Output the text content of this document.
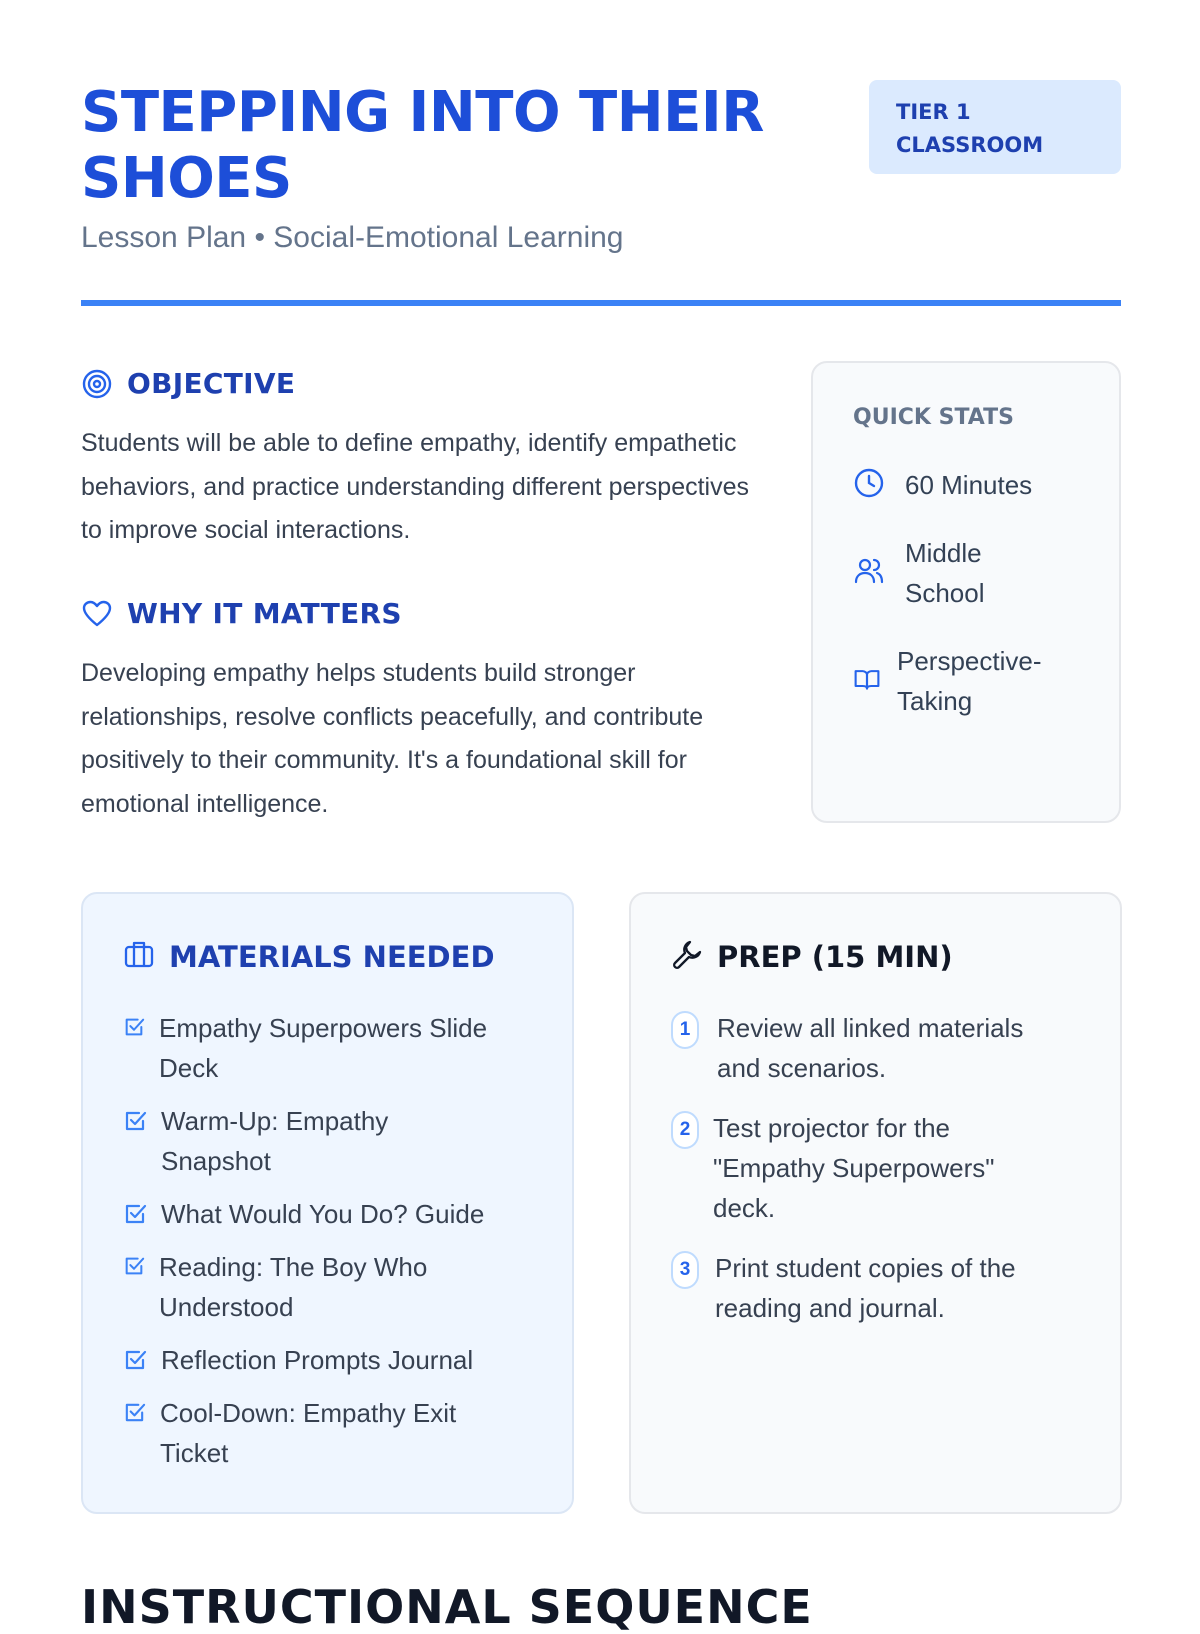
STEPPING INTO THEIR SHOES
Lesson Plan • Social-Emotional Learning
TIER 1
CLASSROOM
OBJECTIVE
Students will be able to define empathy, identify empathetic behaviors, and practice understanding different perspectives to improve social interactions.
WHY IT MATTERS
Developing empathy helps students build stronger relationships, resolve conflicts peacefully, and contribute positively to their community. It's a foundational skill for emotional intelligence.
QUICK STATS
60 Minutes
Middle School
Perspective-Taking
MATERIALS NEEDED
Empathy Superpowers Slide Deck
Warm-Up: Empathy Snapshot
What Would You Do? Guide
Reading: The Boy Who Understood
Reflection Prompts Journal
Cool-Down: Empathy Exit Ticket
PREP (15 MIN)
1	Review all linked materials and scenarios.
2 Test projector for the "Empathy Superpowers" deck.
3 Print student copies of the reading and journal.
INSTRUCTIONAL SEQUENCE
